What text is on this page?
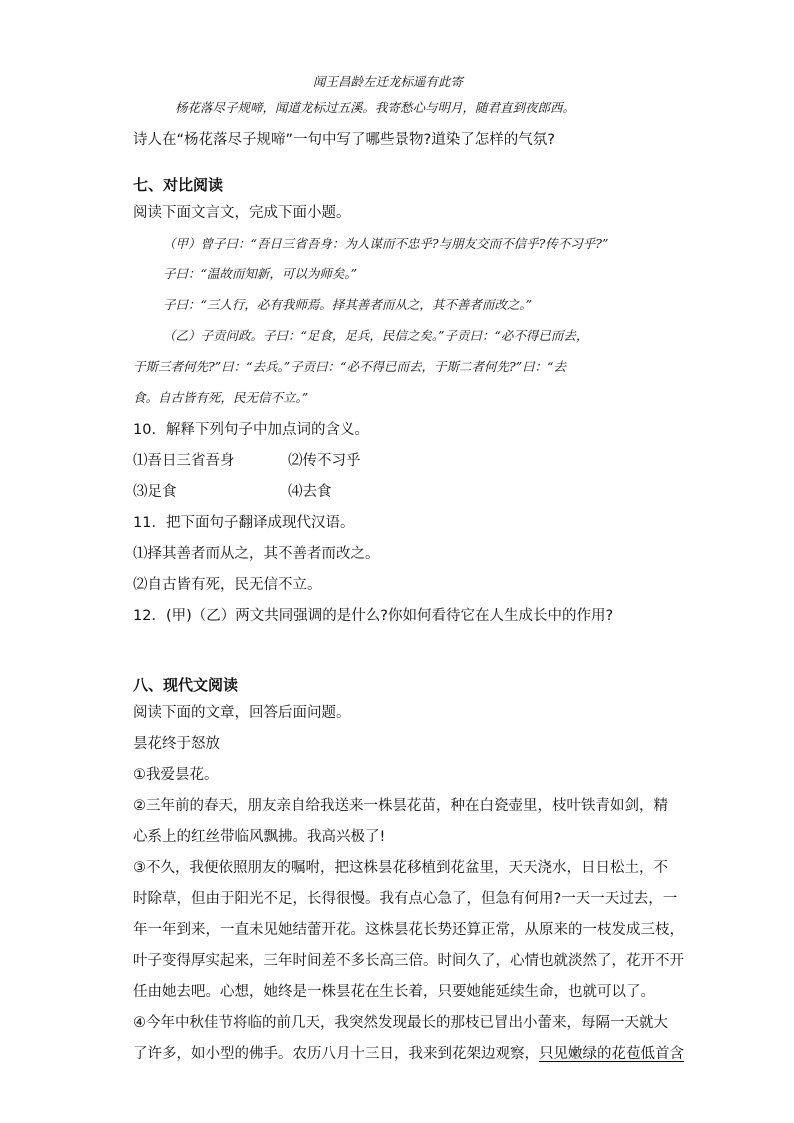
闻王昌龄左迁龙标遥有此寄
杨花落尽子规啼，闻道龙标过五溪。我寄愁心与明月，随君直到夜郎西。
诗人在“杨花落尽子规啼”一句中写了哪些景物?道染了怎样的气氛?
七、对比阅读
阅读下面文言文，完成下面小题。
（甲）曾子曰：“吾日三省吾身：为人谋而不忠乎?与朋友交而不信乎?传不习乎?”
子曰：“温故而知新，可以为师矣。”
子曰：“三人行，必有我师焉。择其善者而从之，其不善者而改之。”
（乙）子贡问政。子曰：“足食，足兵，民信之矣。”子贡曰：“必不得已而去，
于斯三者何先?”曰：“去兵。”子贡曰：“必不得已而去，于斯二者何先?”曰：“去
食。自古皆有死，民无信不立。”
10．解释下列句子中加点词的含义。
⑴吾日三省吾身	⑵传不习乎
⑶足食	⑷去食
11．把下面句子翻译成现代汉语。
⑴择其善者而从之，其不善者而改之。
⑵自古皆有死，民无信不立。
12．(甲)（乙）两文共同强调的是什么?你如何看待它在人生成长中的作用?
八、现代文阅读
阅读下面的文章，回答后面问题。
昙花终于怒放
①我爱昙花。
②三年前的春天，朋友亲自给我送来一株昙花苗，种在白瓷壶里，枝叶铁青如剑，精
心系上的红丝带临风飘拂。我高兴极了!
③不久，我便依照朋友的嘱咐，把这株昙花移植到花盆里，天天浇水，日日松土，不
时除草，但由于阳光不足，长得很慢。我有点心急了，但急有何用?一天一天过去，一
年一年到来，一直未见她结蕾开花。这株昙花长势还算正常，从原来的一枝发成三枝，
叶子变得厚实起来，三年时间差不多长高三倍。时间久了，心情也就淡然了，花开不开
任由她去吧。心想，她终是一株昙花在生长着，只要她能延续生命，也就可以了。
④今年中秋佳节将临的前几天，我突然发现最长的那枝已冒出小蕾来，每隔一天就大
了许多，如小型的佛手。农历八月十三日，我来到花架边观察，只见嫩绿的花苞低首含
